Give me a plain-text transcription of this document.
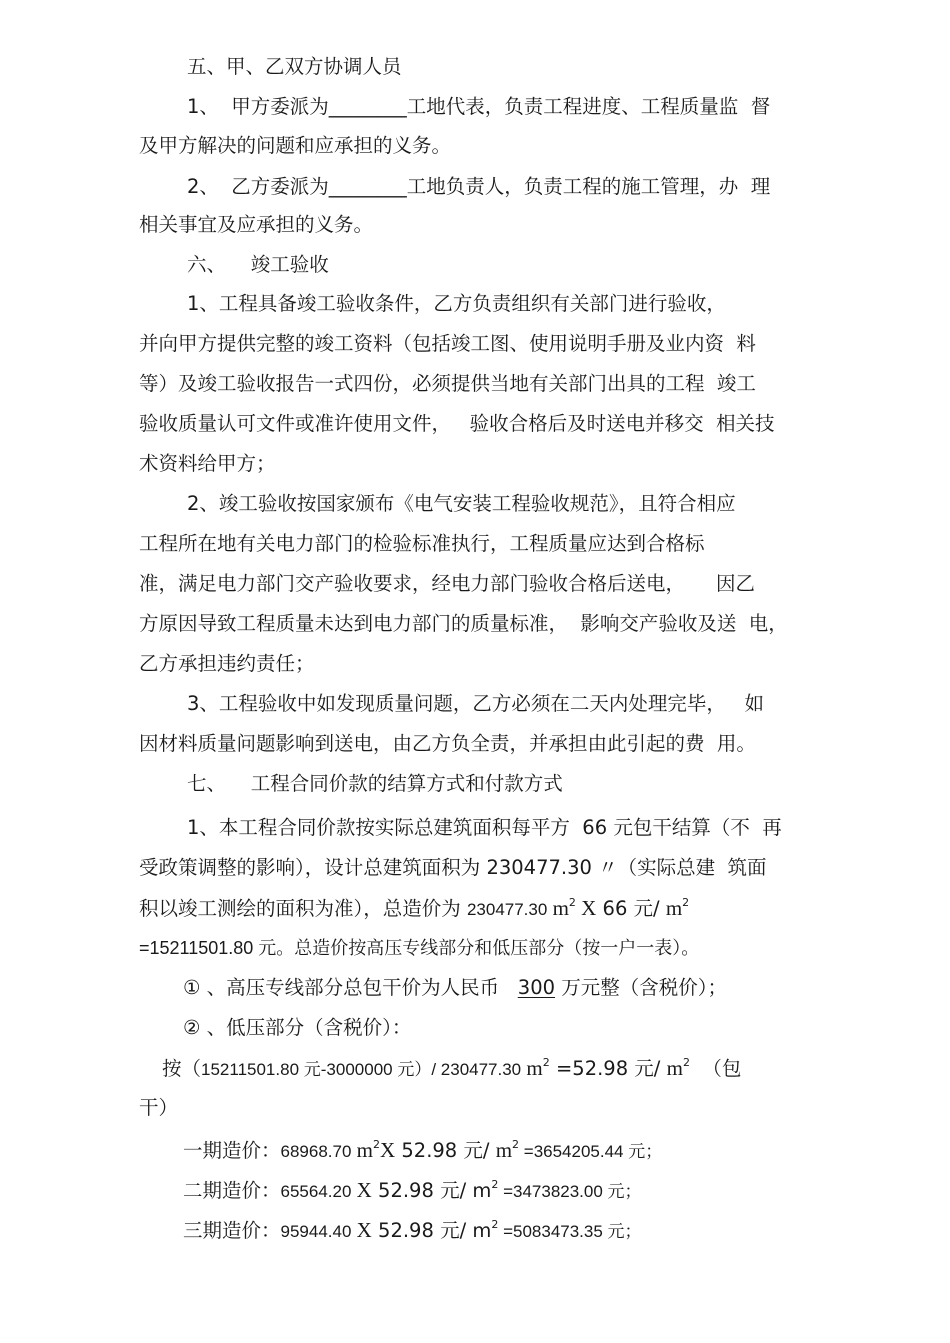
五、甲、乙双方协调人员
1、  甲方委派为________工地代表，负责工程进度、工程质量监  督
及甲方解决的问题和应承担的义务。
2、  乙方委派为________工地负责人，负责工程的施工管理，办  理
相关事宜及应承担的义务。
六、    竣工验收
1、工程具备竣工验收条件，乙方负责组织有关部门进行验收，
并向甲方提供完整的竣工资料（包括竣工图、使用说明手册及业内资  料
等）及竣工验收报告一式四份，必须提供当地有关部门出具的工程  竣工
验收质量认可文件或准许使用文件，   验收合格后及时送电并移交  相关技
术资料给甲方；
2、竣工验收按国家颁布《电气安装工程验收规范》，且符合相应
工程所在地有关电力部门的检验标准执行，工程质量应达到合格标
准，满足电力部门交产验收要求，经电力部门验收合格后送电，     因乙
方原因导致工程质量未达到电力部门的质量标准，  影响交产验收及送  电，
乙方承担违约责任；
3、工程验收中如发现质量问题，乙方必须在二天内处理完毕，   如
因材料质量问题影响到送电，由乙方负全责，并承担由此引起的费  用。
七、    工程合同价款的结算方式和付款方式
1、本工程合同价款按实际总建筑面积每平方  66 元包干结算（不  再
受政策调整的影响），设计总建筑面积为 230477.30 〃（实际总建  筑面
积以竣工测绘的面积为准），总造价为 230477.30 $m^2$ X 66 元/ $m^2$
=15211501.80 元。总造价按高压专线部分和低压部分（按一户一表）。
① 、高压专线部分总包干价为人民币   300 万元整（含税价）；
② 、低压部分（含税价）：
按（15211501.80 元-3000000 元）/ 230477.30 $m^2 =52.98$ 元/ $m^2$  （包
干）
一期造价：68968.70 $m^2X$ 52.98 元/ $m^2 =3654205.44$ 元；
二期造价：65564.20 X 52.98 元/ $m^2 =3473823.00$ 元；
三期造价：95944.40 X 52.98 元/ $m^2 =5083473.35$ 元；
